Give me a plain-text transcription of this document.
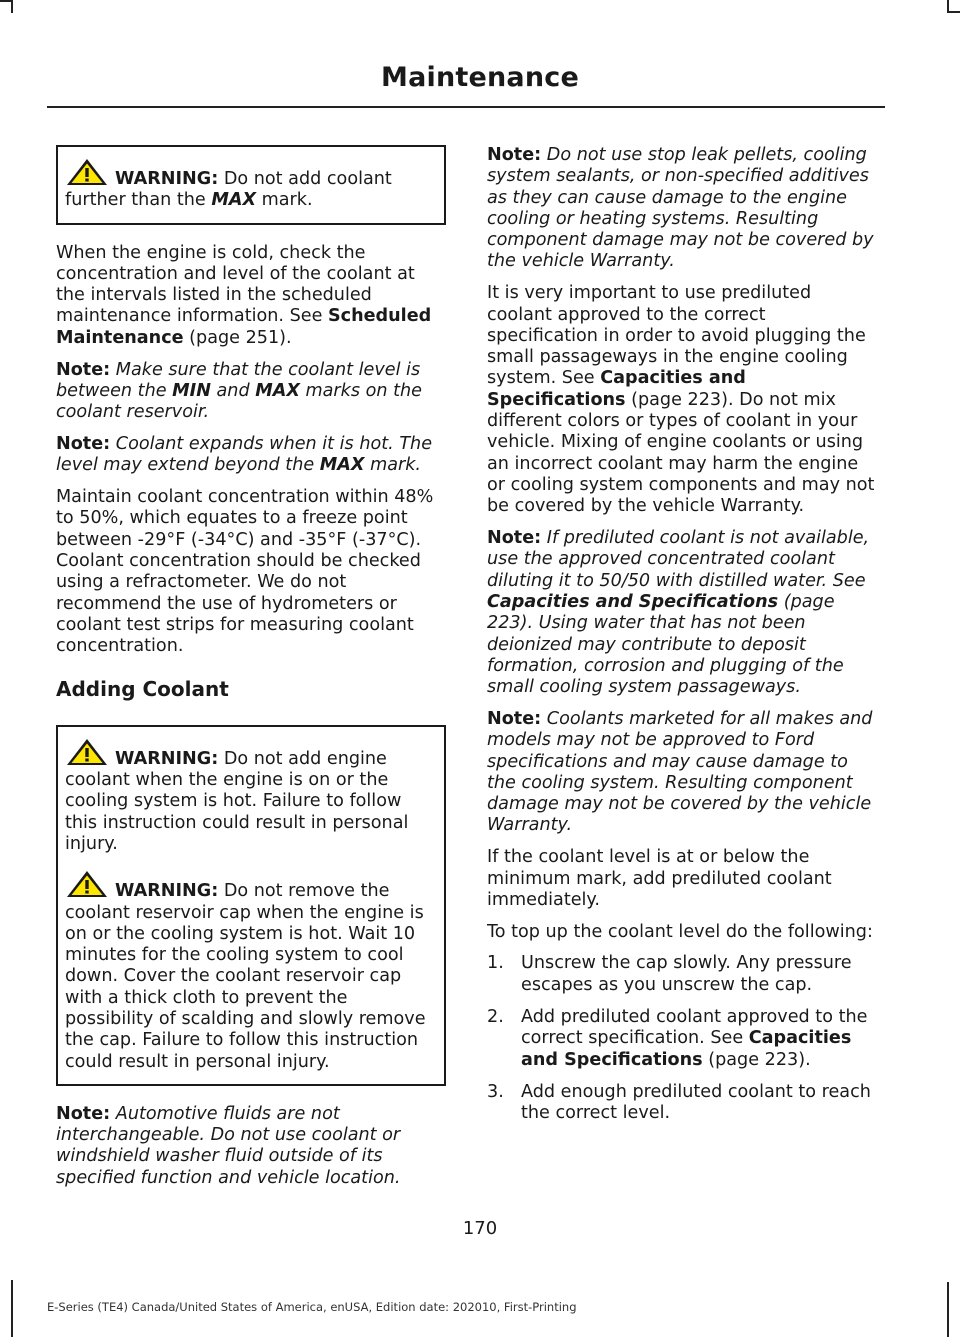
Maintenance

WARNING: Do not add coolant further than the MAX mark.

When the engine is cold, check the concentration and level of the coolant at the intervals listed in the scheduled maintenance information. See Scheduled Maintenance (page 251).

Note: Make sure that the coolant level is between the MIN and MAX marks on the coolant reservoir.

Note: Coolant expands when it is hot. The level may extend beyond the MAX mark.

Maintain coolant concentration within 48% to 50%, which equates to a freeze point between -29°F (-34°C) and -35°F (-37°C). Coolant concentration should be checked using a refractometer. We do not recommend the use of hydrometers or coolant test strips for measuring coolant concentration.

Adding Coolant

WARNING: Do not add engine coolant when the engine is on or the cooling system is hot. Failure to follow this instruction could result in personal injury.

WARNING: Do not remove the coolant reservoir cap when the engine is on or the cooling system is hot. Wait 10 minutes for the cooling system to cool down. Cover the coolant reservoir cap with a thick cloth to prevent the possibility of scalding and slowly remove the cap. Failure to follow this instruction could result in personal injury.

Note: Automotive fluids are not interchangeable. Do not use coolant or windshield washer fluid outside of its specified function and vehicle location.

Note: Do not use stop leak pellets, cooling system sealants, or non-specified additives as they can cause damage to the engine cooling or heating systems. Resulting component damage may not be covered by the vehicle Warranty.

It is very important to use prediluted coolant approved to the correct specification in order to avoid plugging the small passageways in the engine cooling system. See Capacities and Specifications (page 223). Do not mix different colors or types of coolant in your vehicle. Mixing of engine coolants or using an incorrect coolant may harm the engine or cooling system components and may not be covered by the vehicle Warranty.

Note: If prediluted coolant is not available, use the approved concentrated coolant diluting it to 50/50 with distilled water. See Capacities and Specifications (page 223). Using water that has not been deionized may contribute to deposit formation, corrosion and plugging of the small cooling system passageways.

Note: Coolants marketed for all makes and models may not be approved to Ford specifications and may cause damage to the cooling system. Resulting component damage may not be covered by the vehicle Warranty.

If the coolant level is at or below the minimum mark, add prediluted coolant immediately.

To top up the coolant level do the following:

1. Unscrew the cap slowly. Any pressure escapes as you unscrew the cap.
2. Add prediluted coolant approved to the correct specification. See Capacities and Specifications (page 223).
3. Add enough prediluted coolant to reach the correct level.
170
E-Series (TE4) Canada/United States of America, enUSA, Edition date: 202010, First-Printing
